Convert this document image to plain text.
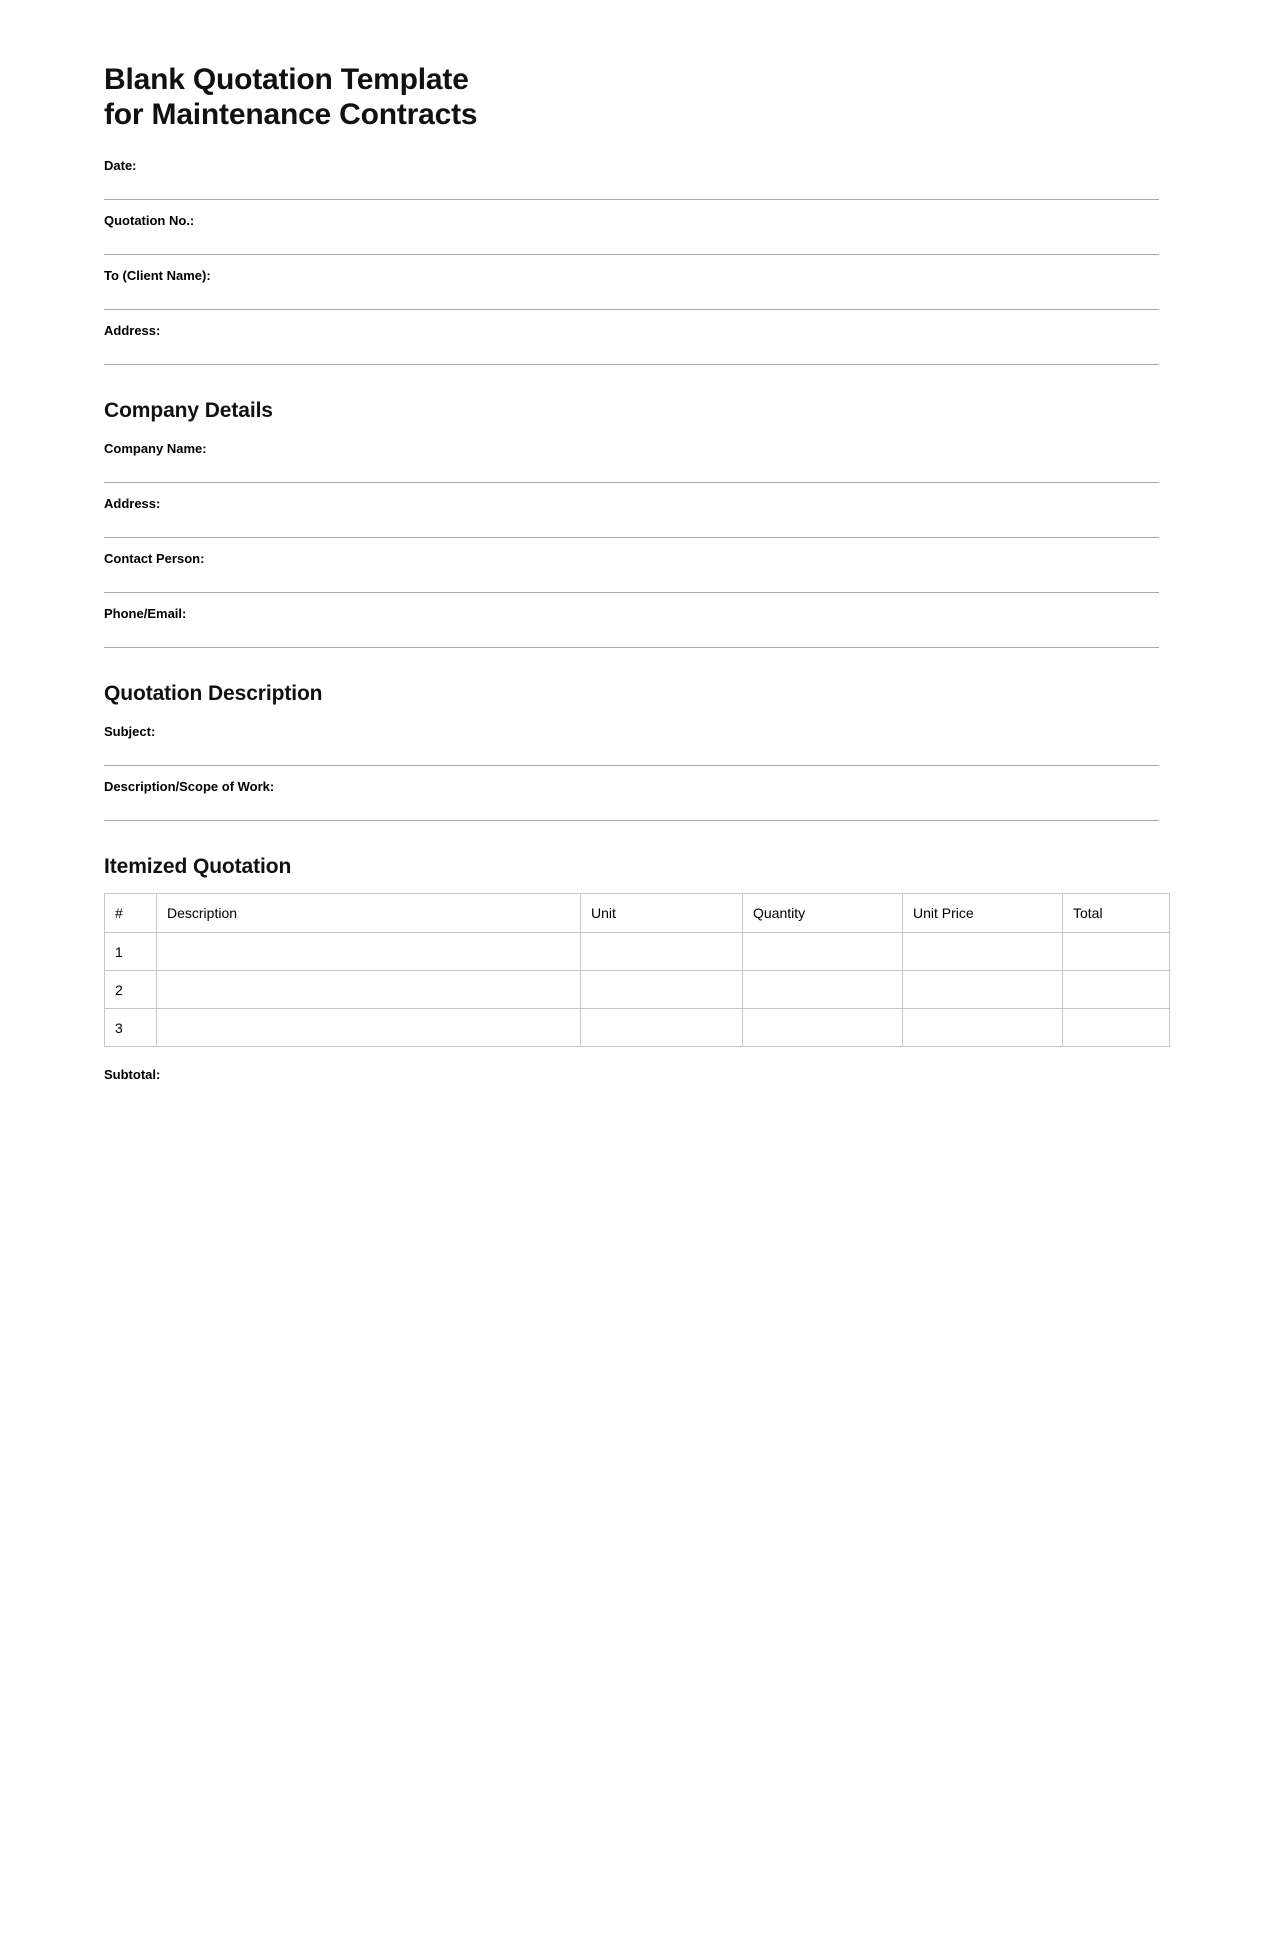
Blank Quotation Template
for Maintenance Contracts
Date:
Quotation No.:
To (Client Name):
Address:
Company Details
Company Name:
Address:
Contact Person:
Phone/Email:
Quotation Description
Subject:
Description/Scope of Work:
Itemized Quotation
#	Description	Unit	Quantity	Unit Price	Total
1					
2					
3					
Subtotal:
